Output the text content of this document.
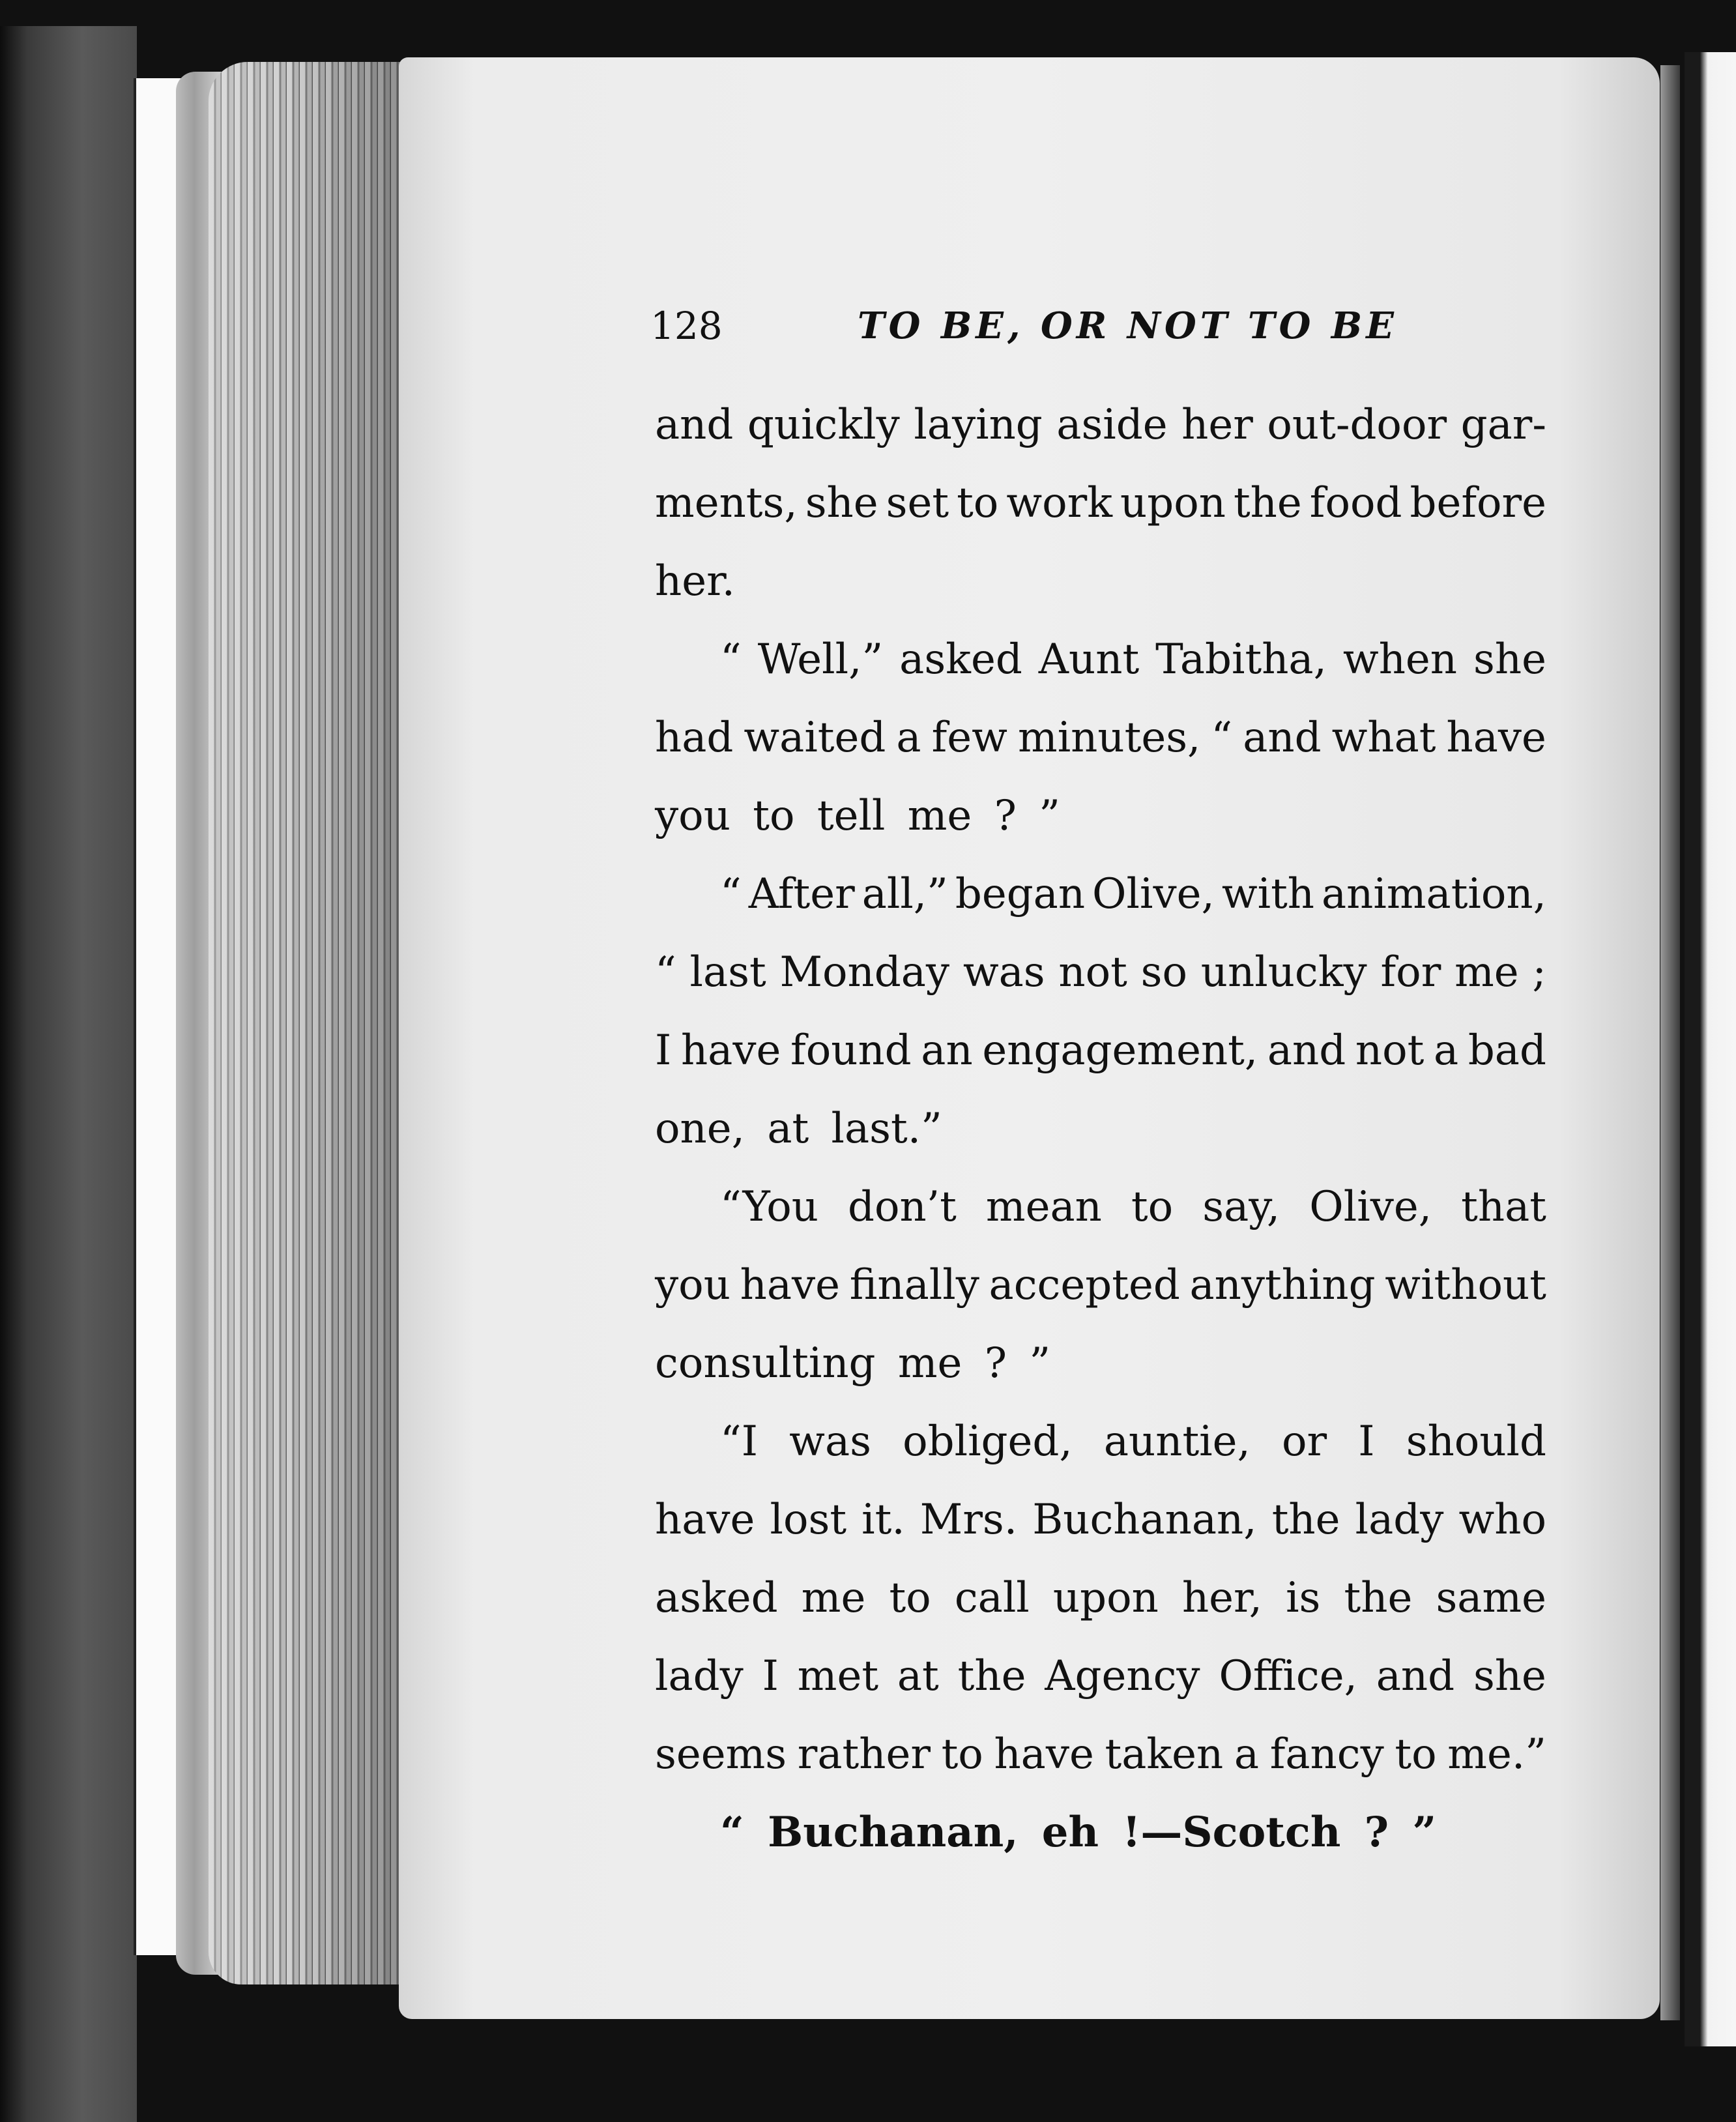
128	TO BE, OR NOT TO BE
and quickly laying aside her out-door gar-
ments, she set to work upon the food before
her.
“ Well,” asked Aunt Tabitha, when she
had waited a few minutes, “ and what have
you to tell me ? ”
“ After all,” began Olive, with animation,
“ last Monday was not so unlucky for me ;
I have found an engagement, and not a bad
one, at last.”
“You don’t mean to say, Olive, that
you have finally accepted anything without
consulting me ? ”
“I was obliged, auntie, or I should
have lost it. Mrs. Buchanan, the lady who
asked me to call upon her, is the same
lady I met at the Agency Office, and she
seems rather to have taken a fancy to me.”
“ Buchanan, eh !—Scotch ? ”
